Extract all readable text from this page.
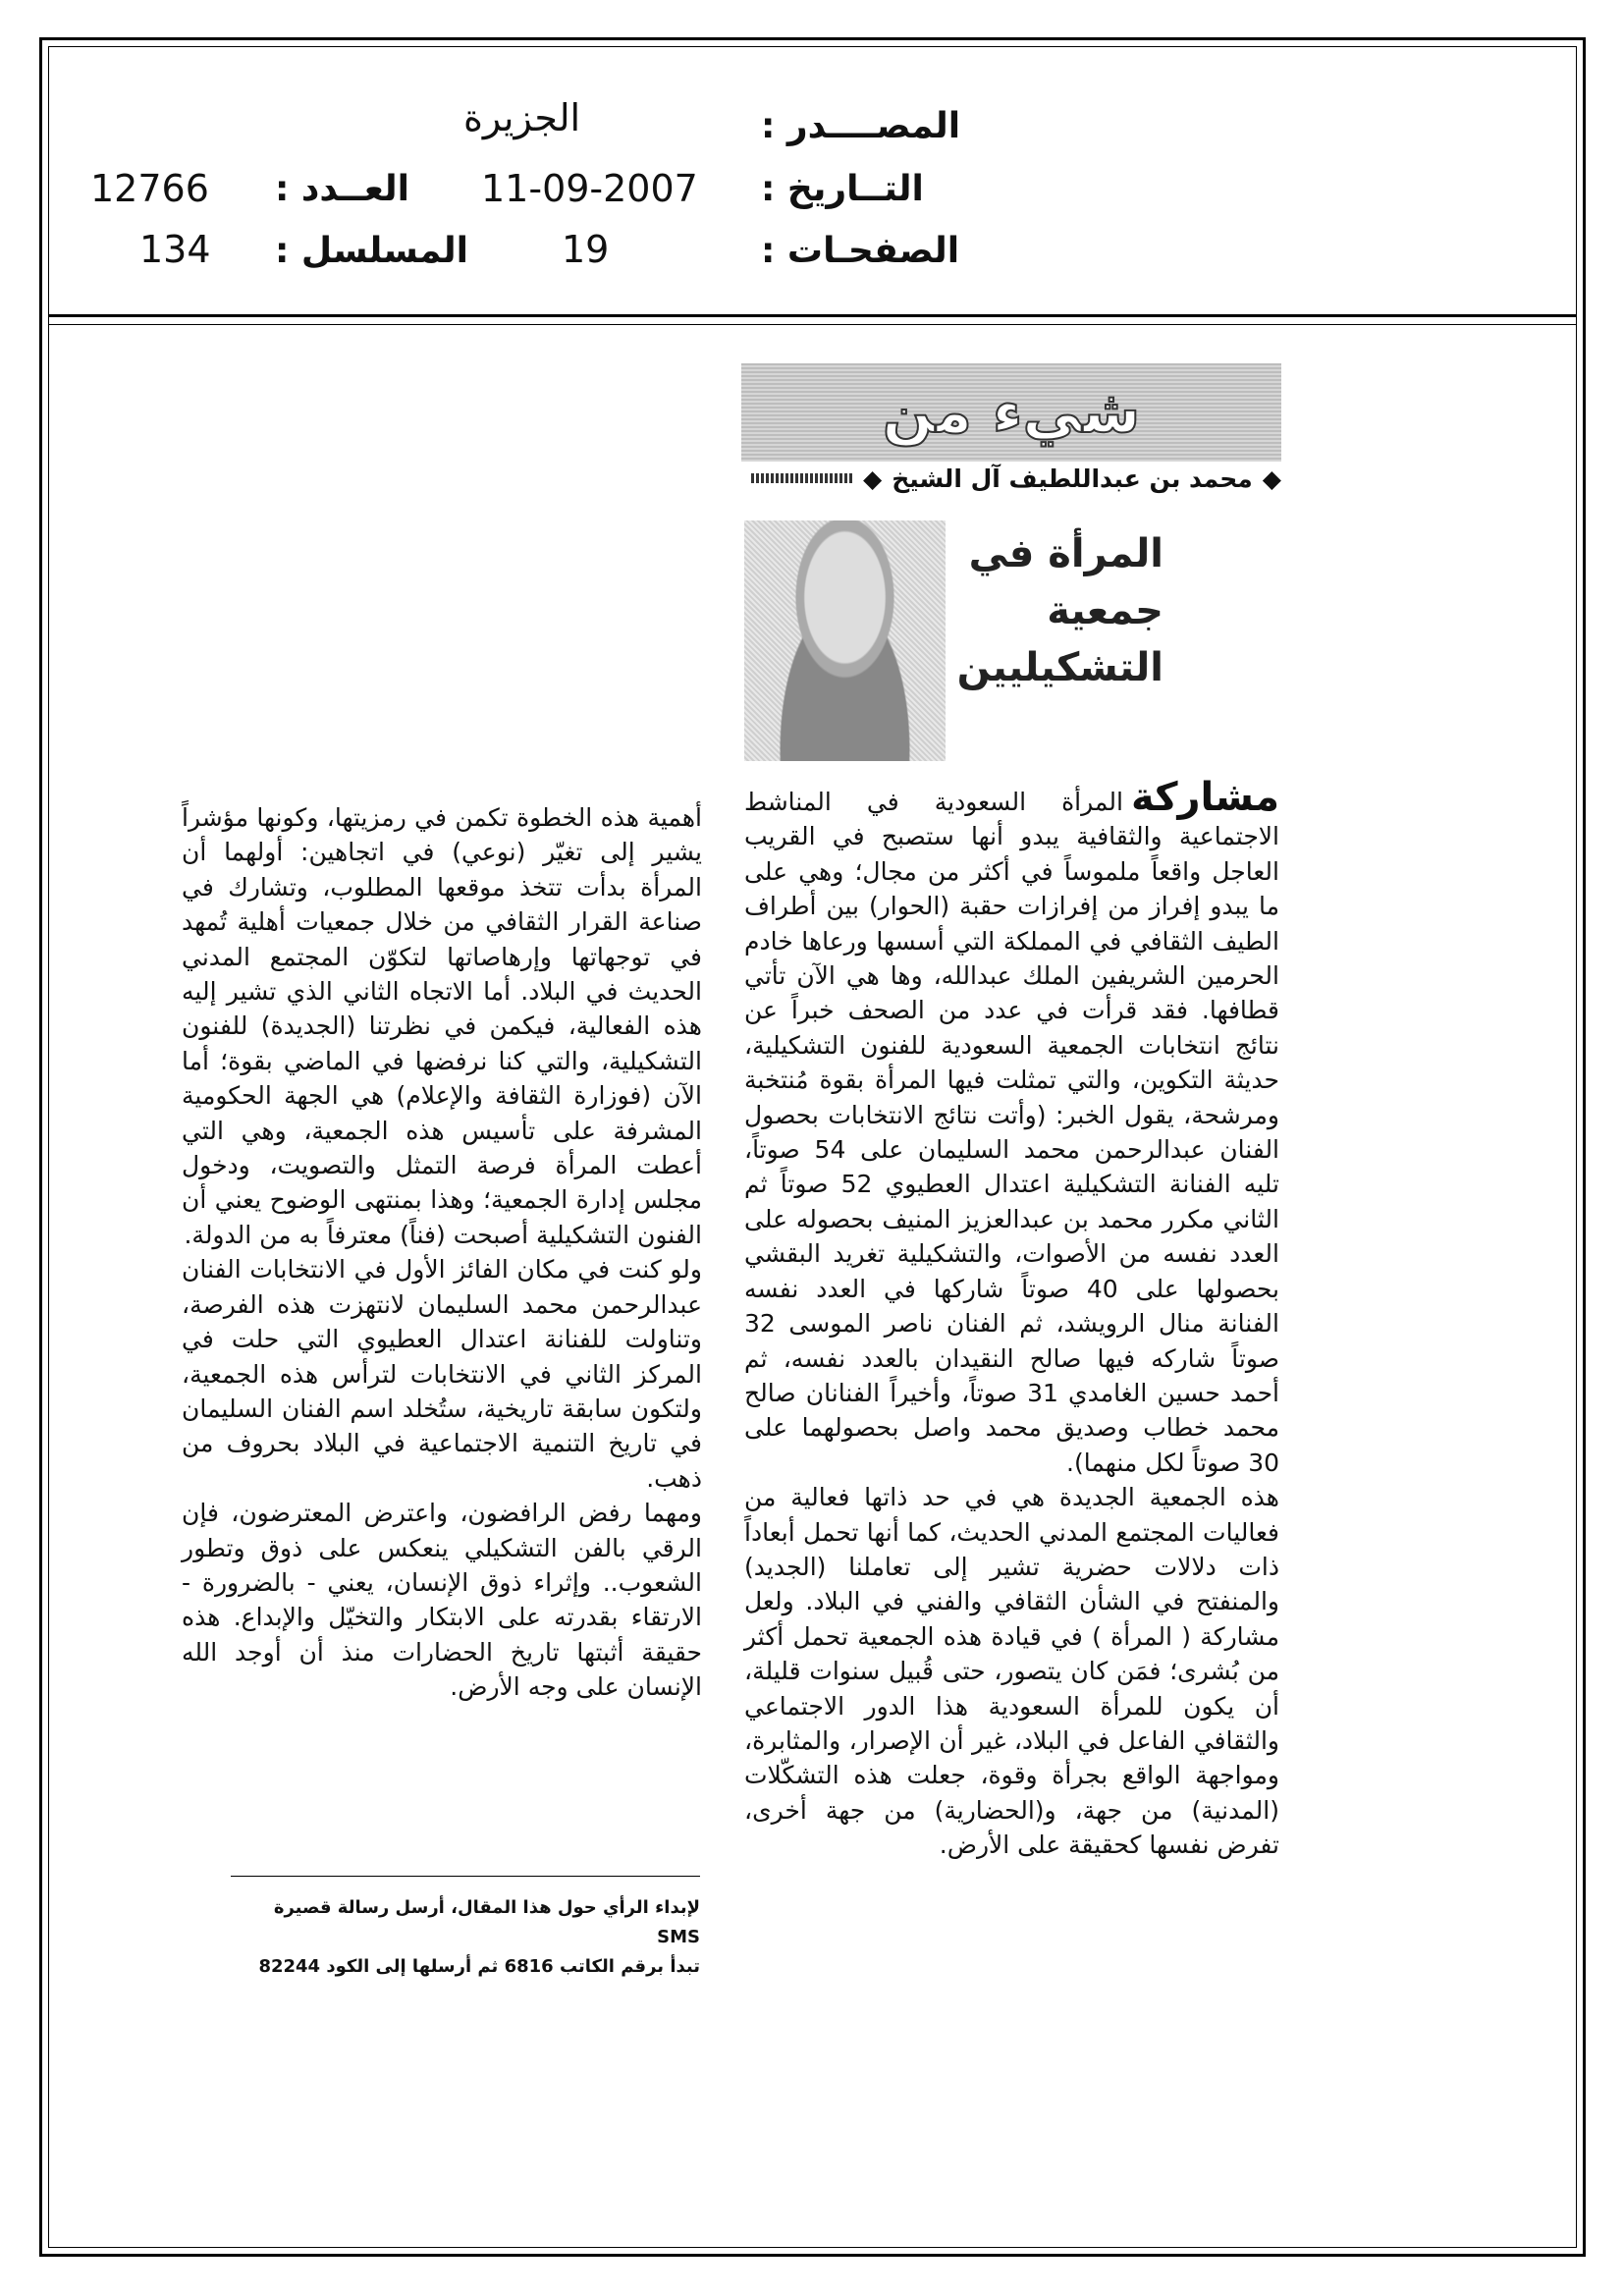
المصــــدر :
الجزيرة
التــاريخ :
11-09-2007
العــدد :
12766
الصفحـات :
19
المسلسل :
134
شيء من
◆
محمد بن عبداللطيف آل الشيخ
◆
المرأة في جمعية التشكيليين

مشاركةالمرأة السعودية في المناشط الاجتماعية والثقافية يبدو أنها ستصبح في القريب العاجل واقعاً ملموساً في أكثر من مجال؛ وهي على ما يبدو إفراز من إفرازات حقبة (الحوار) بين أطراف الطيف الثقافي في المملكة التي أسسها ورعاها خادم الحرمين الشريفين الملك عبدالله، وها هي الآن تأتي قطافها. فقد قرأت في عدد من الصحف خبراً عن نتائج انتخابات الجمعية السعودية للفنون التشكيلية، حديثة التكوين، والتي تمثلت فيها المرأة بقوة مُنتخبة ومرشحة، يقول الخبر: (وأتت نتائج الانتخابات بحصول الفنان عبدالرحمن محمد السليمان على 54 صوتاً، تليه الفنانة التشكيلية اعتدال العطيوي 52 صوتاً ثم الثاني مكرر محمد بن عبدالعزيز المنيف بحصوله على العدد نفسه من الأصوات، والتشكيلية تغريد البقشي بحصولها على 40 صوتاً شاركها في العدد نفسه الفنانة منال الرويشد، ثم الفنان ناصر الموسى 32 صوتاً شاركه فيها صالح النقيدان بالعدد نفسه، ثم أحمد حسين الغامدي 31 صوتاً، وأخيراً الفنانان صالح محمد خطاب وصديق محمد واصل بحصولهما على 30 صوتاً لكل منهما).

هذه الجمعية الجديدة هي في حد ذاتها فعالية من فعاليات المجتمع المدني الحديث، كما أنها تحمل أبعاداً ذات دلالات حضرية تشير إلى تعاملنا (الجديد) والمنفتح في الشأن الثقافي والفني في البلاد. ولعل مشاركة ( المرأة ) في قيادة هذه الجمعية تحمل أكثر من بُشرى؛ فمَن كان يتصور، حتى قُبيل سنوات قليلة، أن يكون للمرأة السعودية هذا الدور الاجتماعي والثقافي الفاعل في البلاد، غير أن الإصرار، والمثابرة، ومواجهة الواقع بجرأة وقوة، جعلت هذه التشكّلات (المدنية) من جهة، و(الحضارية) من جهة أخرى، تفرض نفسها كحقيقة على الأرض.

أهمية هذه الخطوة تكمن في رمزيتها، وكونها مؤشراً يشير إلى تغيّر (نوعي) في اتجاهين: أولهما أن المرأة بدأت تتخذ موقعها المطلوب، وتشارك في صناعة القرار الثقافي من خلال جمعيات أهلية تُمهد في توجهاتها وإرهاصاتها لتكوّن المجتمع المدني الحديث في البلاد. أما الاتجاه الثاني الذي تشير إليه هذه الفعالية، فيكمن في نظرتنا (الجديدة) للفنون التشكيلية، والتي كنا نرفضها في الماضي بقوة؛ أما الآن (فوزارة الثقافة والإعلام) هي الجهة الحكومية المشرفة على تأسيس هذه الجمعية، وهي التي أعطت المرأة فرصة التمثل والتصويت، ودخول مجلس إدارة الجمعية؛ وهذا بمنتهى الوضوح يعني أن الفنون التشكيلية أصبحت (فناً) معترفاً به من الدولة.

ولو كنت في مكان الفائز الأول في الانتخابات الفنان عبدالرحمن محمد السليمان لانتهزت هذه الفرصة، وتناولت للفنانة اعتدال العطيوي التي حلت في المركز الثاني في الانتخابات لترأس هذه الجمعية، ولتكون سابقة تاريخية، ستُخلد اسم الفنان السليمان في تاريخ التنمية الاجتماعية في البلاد بحروف من ذهب.

ومهما رفض الرافضون، واعترض المعترضون، فإن الرقي بالفن التشكيلي ينعكس على ذوق وتطور الشعوب.. وإثراء ذوق الإنسان، يعني - بالضرورة - الارتقاء بقدرته على الابتكار والتخيّل والإبداع. هذه حقيقة أثبتها تاريخ الحضارات منذ أن أوجد الله الإنسان على وجه الأرض.

لإبداء الرأي حول هذا المقال، أرسل رسالة قصيرة SMS
تبدأ برقم الكاتب 6816 ثم أرسلها إلى الكود 82244
